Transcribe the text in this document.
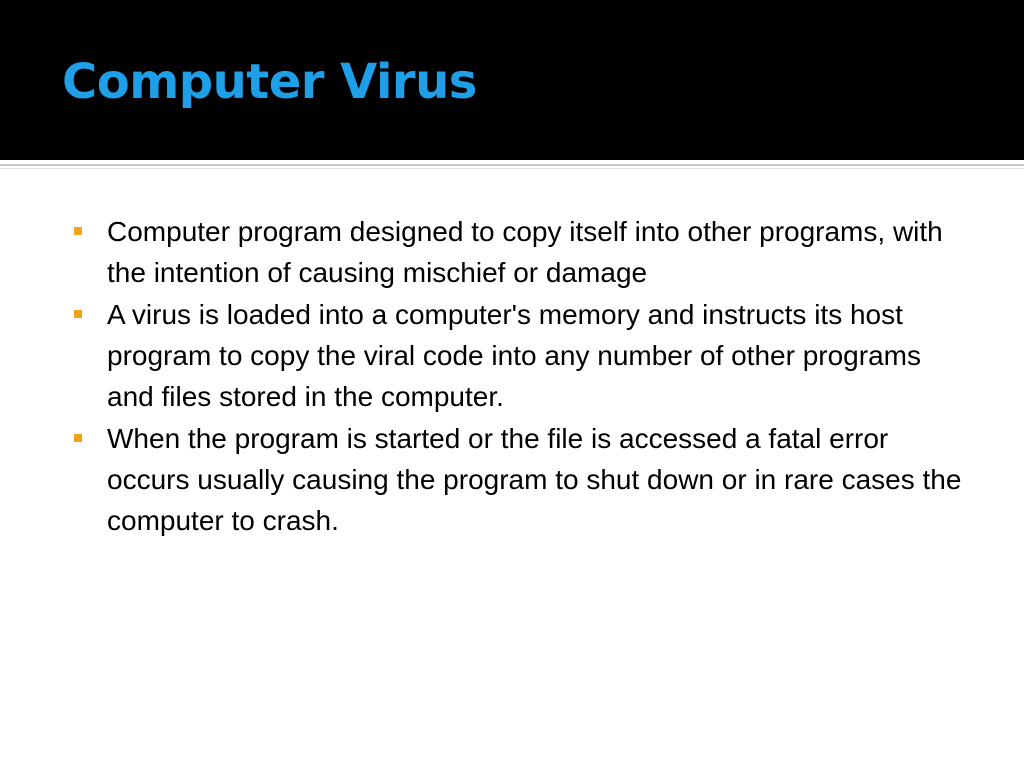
Computer Virus
Computer program designed to copy itself into other programs, with the intention of causing mischief or damage
A virus is loaded into a computer's memory and instructs its host program to copy the viral code into any number of other programs and files stored in the computer.
When the program is started or the file is accessed a fatal error occurs usually causing the program to shut down or in rare cases the computer to crash.
